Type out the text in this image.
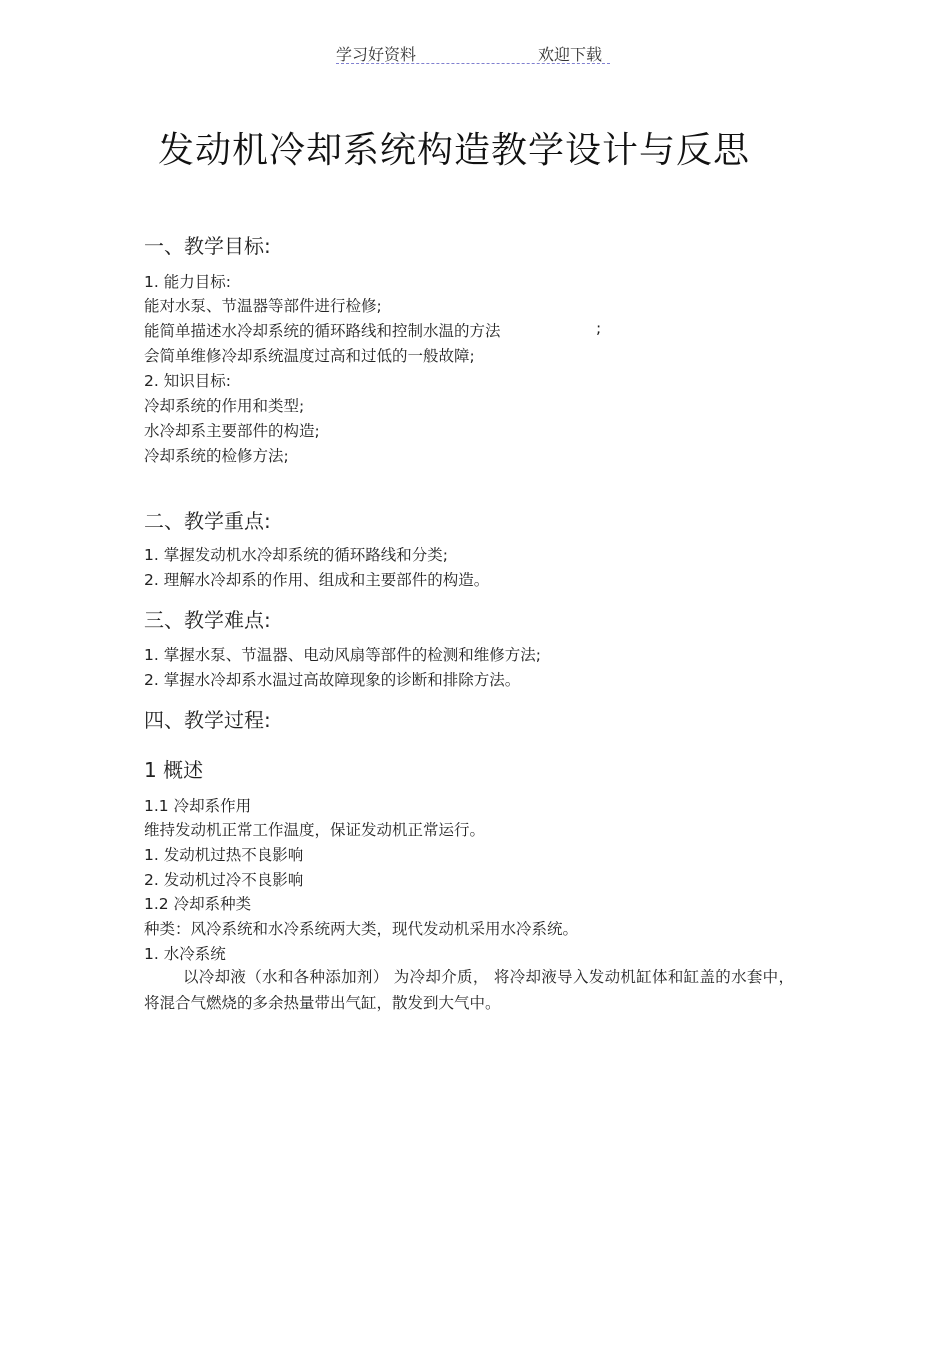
学习好资料	欢迎下载
发动机冷却系统构造教学设计与反思
一、教学目标:
1. 能力目标:
能对水泵、节温器等部件进行检修;
能简单描述水冷却系统的循环路线和控制水温的方法	;
会简单维修冷却系统温度过高和过低的一般故障;
2. 知识目标:
冷却系统的作用和类型;
水冷却系主要部件的构造;
冷却系统的检修方法;
二、教学重点:
1. 掌握发动机水冷却系统的循环路线和分类;
2. 理解水冷却系的作用、组成和主要部件的构造。
三、教学难点:
1. 掌握水泵、节温器、电动风扇等部件的检测和维修方法;
2. 掌握水冷却系水温过高故障现象的诊断和排除方法。
四、教学过程:
1 概述
1.1 冷却系作用
维持发动机正常工作温度，保证发动机正常运行。
1. 发动机过热不良影响
2. 发动机过冷不良影响
1.2 冷却系种类
种类：风冷系统和水冷系统两大类，现代发动机采用水冷系统。
1. 水冷系统
以冷却液（水和各种添加剂） 为冷却介质， 将冷却液导入发动机缸体和缸盖的水套中，将混合气燃烧的多余热量带出气缸，散发到大气中。
